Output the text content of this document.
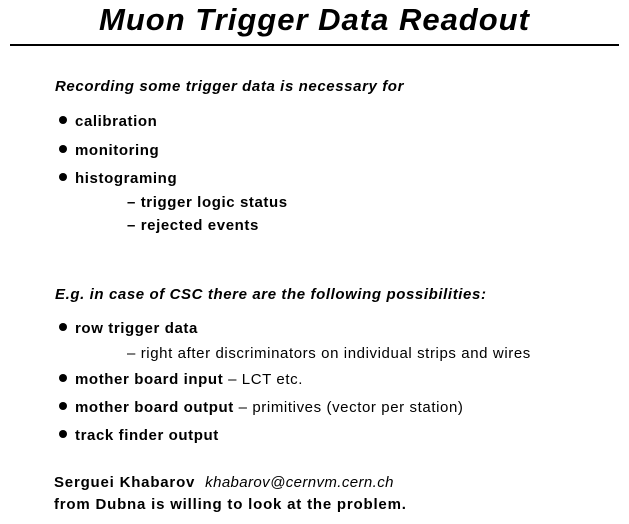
Muon Trigger Data Readout
Recording some trigger data is necessary for
calibration
monitoring
histograming
– trigger logic status
– rejected events
E.g. in case of CSC there are the following possibilities:
row trigger data
– right after discriminators on individual strips and wires
mother board input – LCT etc.
mother board output – primitives (vector per station)
track finder output
Serguei Khabarov khabarov@cernvm.cern.ch
from Dubna is willing to look at the problem.
